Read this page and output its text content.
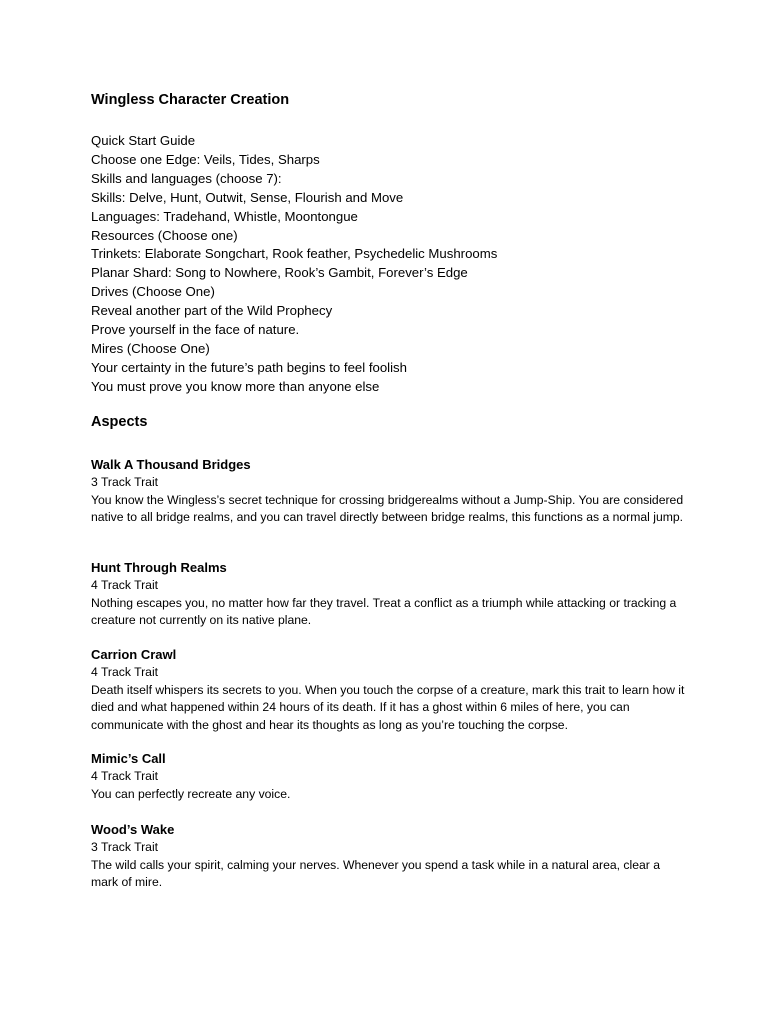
Wingless Character Creation
Quick Start Guide
Choose one Edge: Veils, Tides, Sharps
Skills and languages (choose 7):
Skills: Delve, Hunt, Outwit, Sense, Flourish and Move
Languages: Tradehand, Whistle, Moontongue
Resources (Choose one)
Trinkets: Elaborate Songchart, Rook feather, Psychedelic Mushrooms
Planar Shard: Song to Nowhere, Rook’s Gambit, Forever’s Edge
Drives (Choose One)
Reveal another part of the Wild Prophecy
Prove yourself in the face of nature.
Mires (Choose One)
Your certainty in the future’s path begins to feel foolish
You must prove you know more than anyone else
Aspects
Walk A Thousand Bridges
3 Track Trait
You know the Wingless’s secret technique for crossing bridgerealms without a Jump-Ship. You are considered native to all bridge realms, and you can travel directly between bridge realms, this functions as a normal jump.
Hunt Through Realms
4 Track Trait
Nothing escapes you, no matter how far they travel. Treat a conflict as a triumph while attacking or tracking a creature not currently on its native plane.
Carrion Crawl
4 Track Trait
Death itself whispers its secrets to you. When you touch the corpse of a creature, mark this trait to learn how it died and what happened within 24 hours of its death. If it has a ghost within 6 miles of here, you can communicate with the ghost and hear its thoughts as long as you’re touching the corpse.
Mimic’s Call
4 Track Trait
You can perfectly recreate any voice.
Wood’s Wake
3 Track Trait
The wild calls your spirit, calming your nerves. Whenever you spend a task while in a natural area, clear a mark of mire.
